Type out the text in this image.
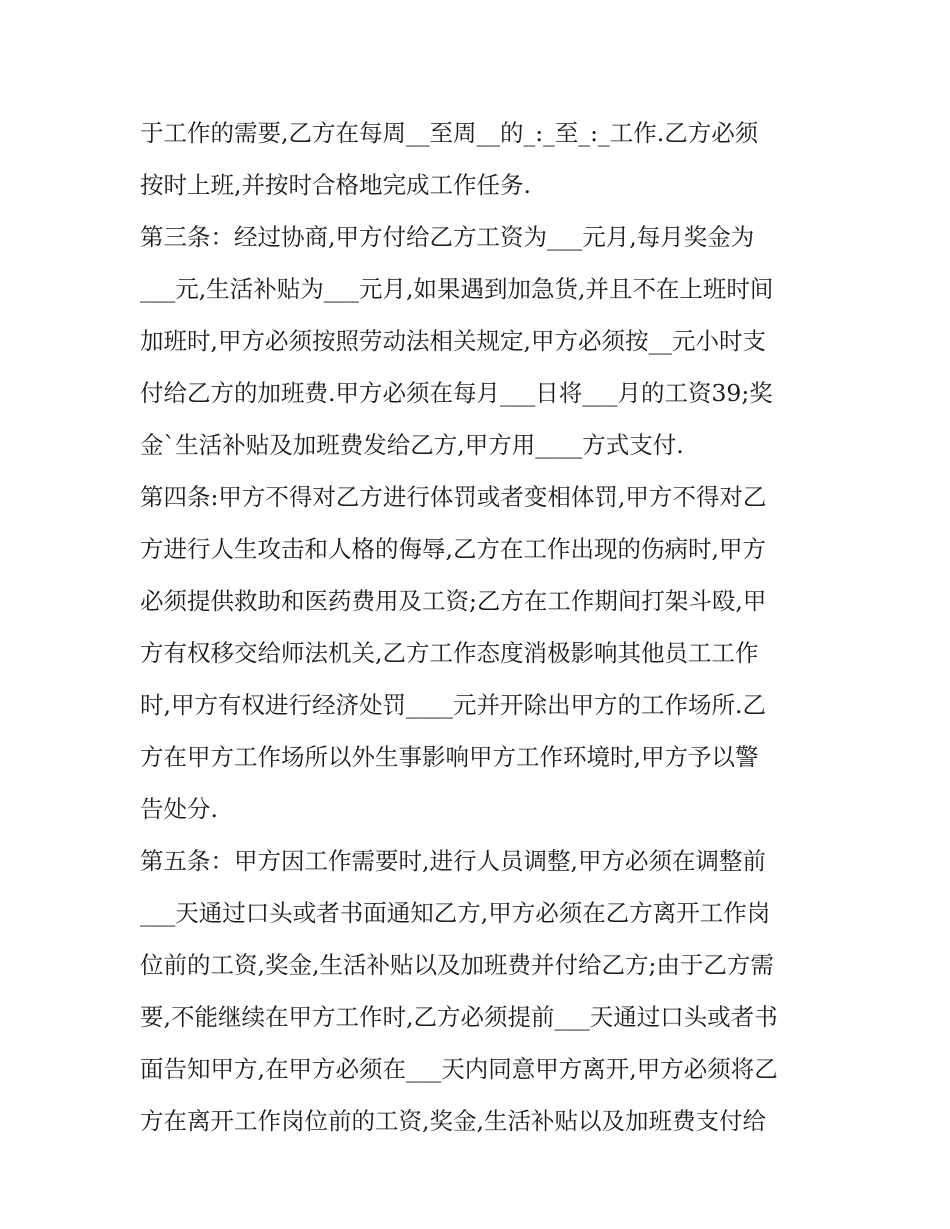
于工作的需要,乙方在每周__至周__的_:_至_:_工作.乙方必须
按时上班,并按时合格地完成工作任务.
第三条：经过协商,甲方付给乙方工资为___元月,每月奖金为
___元,生活补贴为___元月,如果遇到加急货,并且不在上班时间
加班时,甲方必须按照劳动法相关规定,甲方必须按__元小时支
付给乙方的加班费.甲方必须在每月___日将___月的工资39;奖
金`生活补贴及加班费发给乙方,甲方用____方式支付.
第四条:甲方不得对乙方进行体罚或者变相体罚,甲方不得对乙
方进行人生攻击和人格的侮辱,乙方在工作出现的伤病时,甲方
必须提供救助和医药费用及工资;乙方在工作期间打架斗殴,甲
方有权移交给师法机关,乙方工作态度消极影响其他员工工作
时,甲方有权进行经济处罚____元并开除出甲方的工作场所.乙
方在甲方工作场所以外生事影响甲方工作环境时,甲方予以警
告处分.
第五条：甲方因工作需要时,进行人员调整,甲方必须在调整前
___天通过口头或者书面通知乙方,甲方必须在乙方离开工作岗
位前的工资,奖金,生活补贴以及加班费并付给乙方;由于乙方需
要,不能继续在甲方工作时,乙方必须提前___天通过口头或者书
面告知甲方,在甲方必须在___天内同意甲方离开,甲方必须将乙
方在离开工作岗位前的工资,奖金,生活补贴以及加班费支付给
